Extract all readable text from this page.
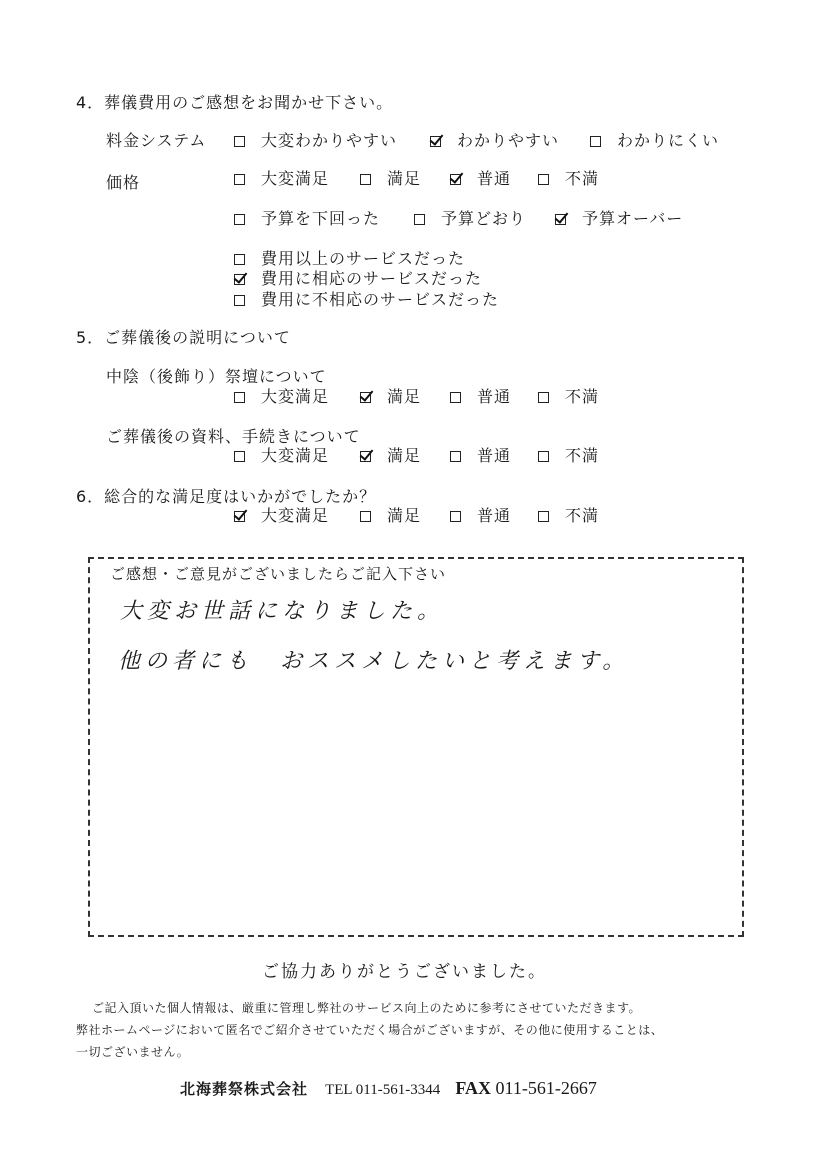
4．葬儀費用のご感想をお聞かせ下さい。
料金システム	大変わかりやすい	わかりやすい	わかりにくい
価格	大変満足	満足	普通	不満
予算を下回った	予算どおり	予算オーバー
費用以上のサービスだった
費用に相応のサービスだった
費用に不相応のサービスだった
5．ご葬儀後の説明について
中陰（後飾り）祭壇について
大変満足	満足	普通	不満
ご葬儀後の資料、手続きについて
大変満足	満足	普通	不満
6．総合的な満足度はいかがでしたか？
大変満足	満足	普通	不満
ご感想・ご意見がございましたらご記入下さい
大変お世話になりました。
他の者にも　おススメしたいと考えます。
ご協力ありがとうございました。
ご記入頂いた個人情報は、厳重に管理し弊社のサービス向上のために参考にさせていただきます。
弊社ホームページにおいて匿名でご紹介させていただく場合がございますが、その他に使用することは、
一切ございません。
北海葬祭株式会社 TEL 011-561-3344 FAX 011-561-2667
